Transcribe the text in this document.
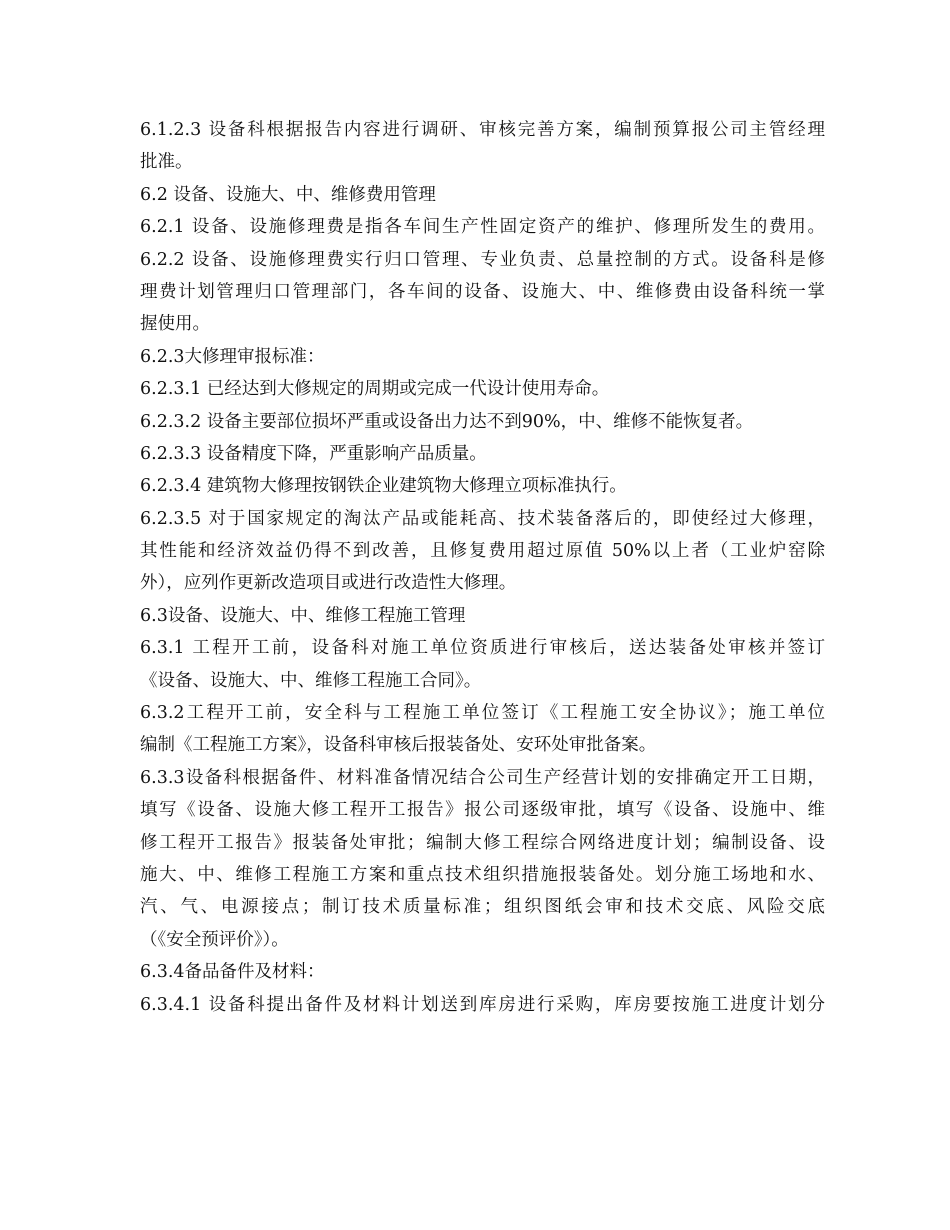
6.1.2.3 设备科根据报告内容进行调研、审核完善方案，编制预算报公司主管经理
批准。
6.2 设备、设施大、中、维修费用管理
6.2.1 设备、设施修理费是指各车间生产性固定资产的维护、修理所发生的费用。
6.2.2 设备、设施修理费实行归口管理、专业负责、总量控制的方式。设备科是修
理费计划管理归口管理部门，各车间的设备、设施大、中、维修费由设备科统一掌
握使用。
6.2.3大修理审报标准：
6.2.3.1 已经达到大修规定的周期或完成一代设计使用寿命。
6.2.3.2 设备主要部位损坏严重或设备出力达不到90%，中、维修不能恢复者。
6.2.3.3 设备精度下降，严重影响产品质量。
6.2.3.4 建筑物大修理按钢铁企业建筑物大修理立项标准执行。
6.2.3.5 对于国家规定的淘汰产品或能耗高、技术装备落后的，即使经过大修理，
其性能和经济效益仍得不到改善，且修复费用超过原值 50%以上者（工业炉窑除
外），应列作更新改造项目或进行改造性大修理。
6.3设备、设施大、中、维修工程施工管理
6.3.1 工程开工前，设备科对施工单位资质进行审核后，送达装备处审核并签订
《设备、设施大、中、维修工程施工合同》。
6.3.2工程开工前，安全科与工程施工单位签订《工程施工安全协议》；施工单位
编制《工程施工方案》，设备科审核后报装备处、安环处审批备案。
6.3.3设备科根据备件、材料准备情况结合公司生产经营计划的安排确定开工日期，
填写《设备、设施大修工程开工报告》报公司逐级审批，填写《设备、设施中、维
修工程开工报告》报装备处审批；编制大修工程综合网络进度计划；编制设备、设
施大、中、维修工程施工方案和重点技术组织措施报装备处。划分施工场地和水、
汽、气、电源接点；制订技术质量标准；组织图纸会审和技术交底、风险交底
（《安全预评价》）。
6.3.4备品备件及材料：
6.3.4.1 设备科提出备件及材料计划送到库房进行采购，库房要按施工进度计划分
